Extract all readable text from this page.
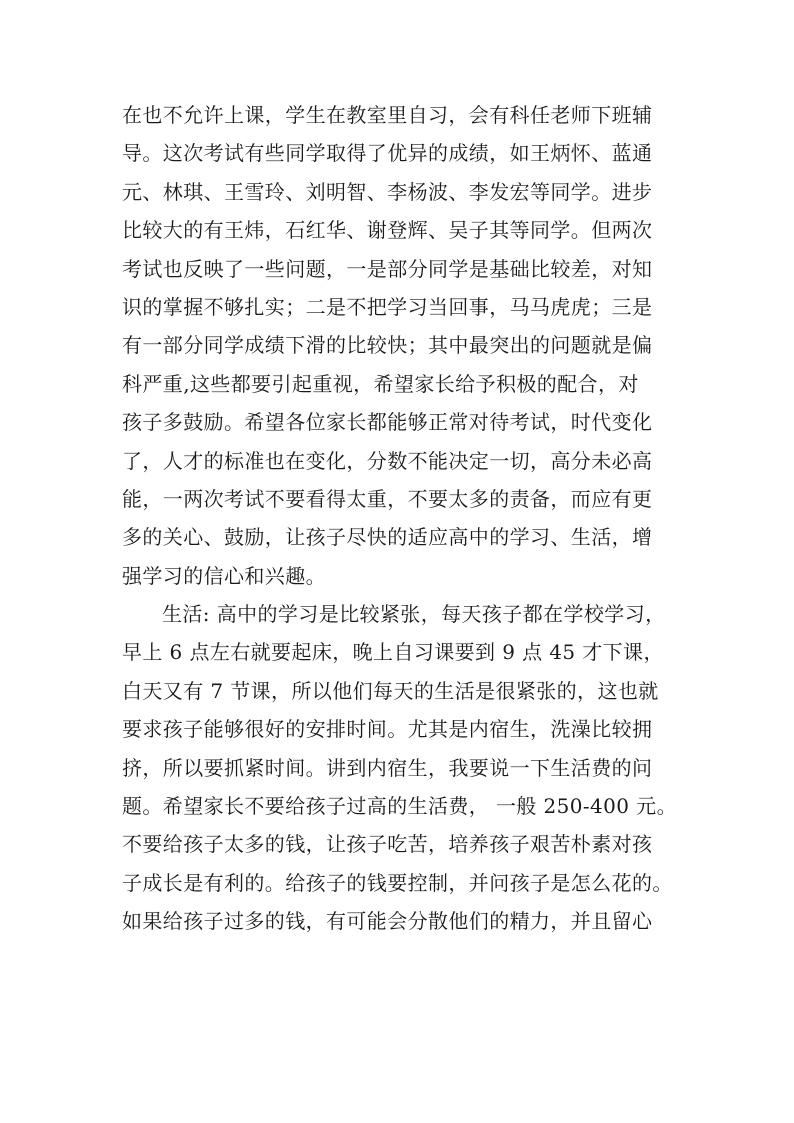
在也不允许上课，学生在教室里自习，会有科任老师下班辅
导。这次考试有些同学取得了优异的成绩，如王炳怀、蓝通
元、林琪、王雪玲、刘明智、李杨波、李发宏等同学。进步
比较大的有王炜，石红华、谢登辉、吴子其等同学。但两次
考试也反映了一些问题，一是部分同学是基础比较差，对知
识的掌握不够扎实；二是不把学习当回事，马马虎虎；三是
有一部分同学成绩下滑的比较快；其中最突出的问题就是偏
科严重,这些都要引起重视，希望家长给予积极的配合，对
孩子多鼓励。希望各位家长都能够正常对待考试，时代变化
了，人才的标准也在变化，分数不能决定一切，高分未必高
能，一两次考试不要看得太重，不要太多的责备，而应有更
多的关心、鼓励，让孩子尽快的适应高中的学习、生活，增
强学习的信心和兴趣。
生活: 高中的学习是比较紧张，每天孩子都在学校学习，
早上 6 点左右就要起床，晚上自习课要到 9 点 45 才下课，
白天又有 7 节课，所以他们每天的生活是很紧张的，这也就
要求孩子能够很好的安排时间。尤其是内宿生，洗澡比较拥
挤，所以要抓紧时间。讲到内宿生，我要说一下生活费的问
题。希望家长不要给孩子过高的生活费， 一般 250-400 元。
不要给孩子太多的钱，让孩子吃苦，培养孩子艰苦朴素对孩
子成长是有利的。给孩子的钱要控制，并问孩子是怎么花的。
如果给孩子过多的钱，有可能会分散他们的精力，并且留心
